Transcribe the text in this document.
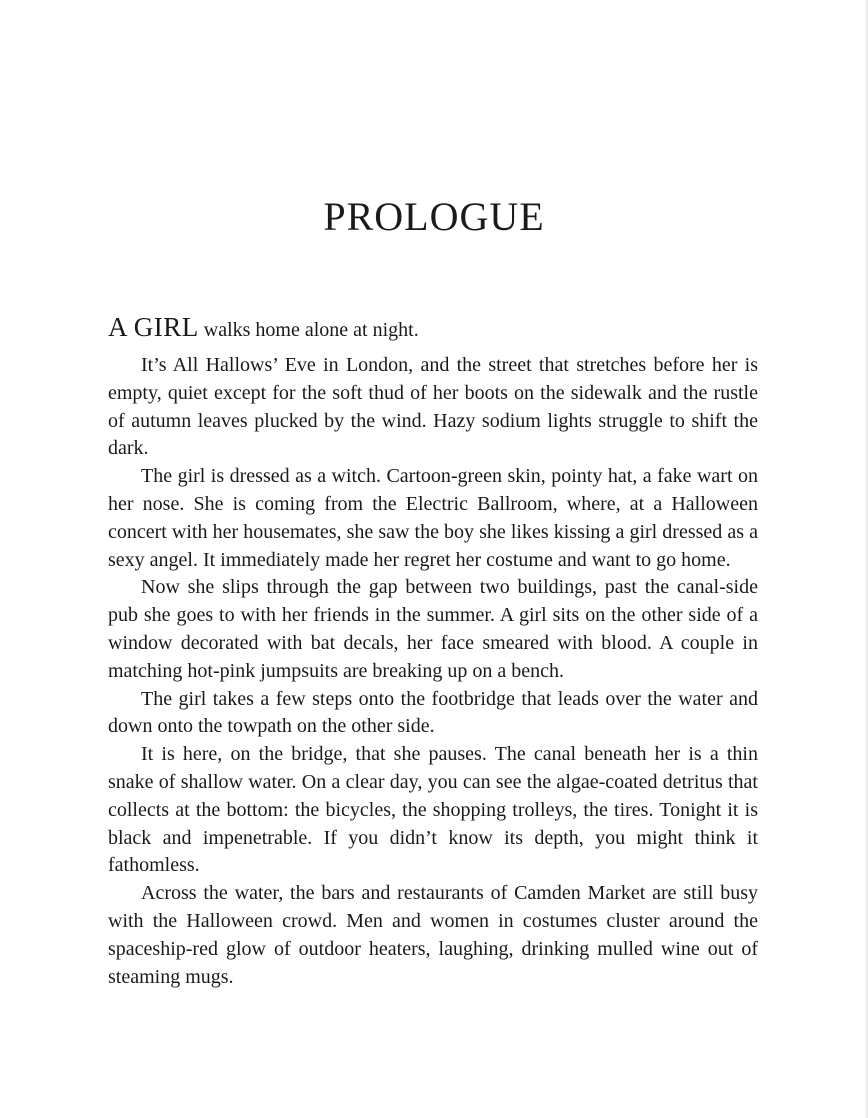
PROLOGUE

A GIRL walks home alone at night.

It’s All Hallows’ Eve in London, and the street that stretches before her is empty, quiet except for the soft thud of her boots on the sidewalk and the rustle of autumn leaves plucked by the wind. Hazy sodium lights struggle to shift the dark.

The girl is dressed as a witch. Cartoon-green skin, pointy hat, a fake wart on her nose. She is coming from the Electric Ballroom, where, at a Halloween concert with her housemates, she saw the boy she likes kissing a girl dressed as a sexy angel. It immediately made her regret her costume and want to go home.

Now she slips through the gap between two buildings, past the canal-side pub she goes to with her friends in the summer. A girl sits on the other side of a window decorated with bat decals, her face smeared with blood. A couple in matching hot-pink jumpsuits are breaking up on a bench.

The girl takes a few steps onto the footbridge that leads over the water and down onto the towpath on the other side.

It is here, on the bridge, that she pauses. The canal beneath her is a thin snake of shallow water. On a clear day, you can see the algae-coated detritus that collects at the bottom: the bicycles, the shopping trolleys, the tires. Tonight it is black and impenetrable. If you didn’t know its depth, you might think it fathomless.

Across the water, the bars and restaurants of Camden Market are still busy with the Halloween crowd. Men and women in costumes cluster around the spaceship-red glow of outdoor heaters, laughing, drinking mulled wine out of steaming mugs.
